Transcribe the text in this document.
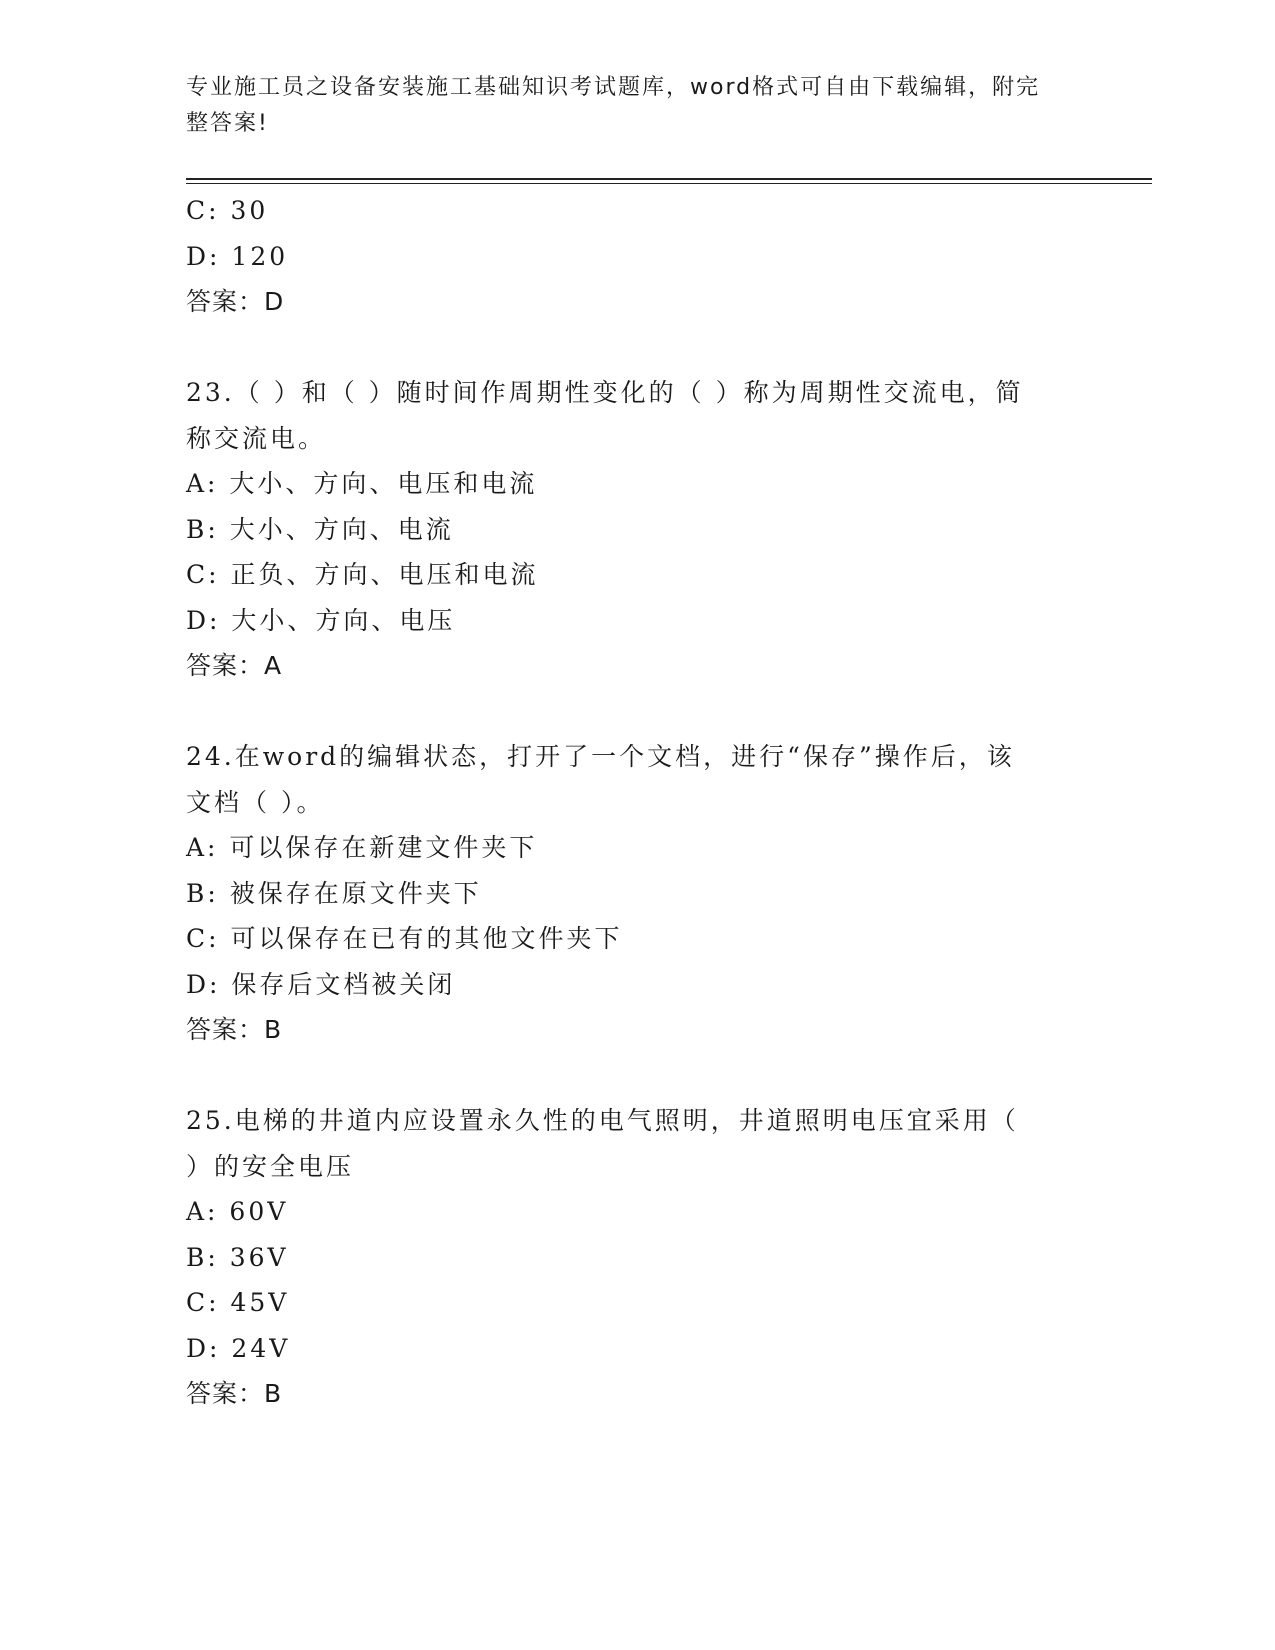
专业施工员之设备安装施工基础知识考试题库，word格式可自由下载编辑，附完
整答案!
C: 30
D: 120
答案：D
23.（ ）和（ ）随时间作周期性变化的（ ）称为周期性交流电，简
称交流电。
A: 大小、方向、电压和电流
B: 大小、方向、电流
C: 正负、方向、电压和电流
D: 大小、方向、电压
答案：A
24.在word的编辑状态，打开了一个文档，进行“保存”操作后，该
文档（ ）。
A: 可以保存在新建文件夹下
B: 被保存在原文件夹下
C: 可以保存在已有的其他文件夹下
D: 保存后文档被关闭
答案：B
25.电梯的井道内应设置永久性的电气照明，井道照明电压宜采用（
）的安全电压
A: 60V
B: 36V
C: 45V
D: 24V
答案：B
